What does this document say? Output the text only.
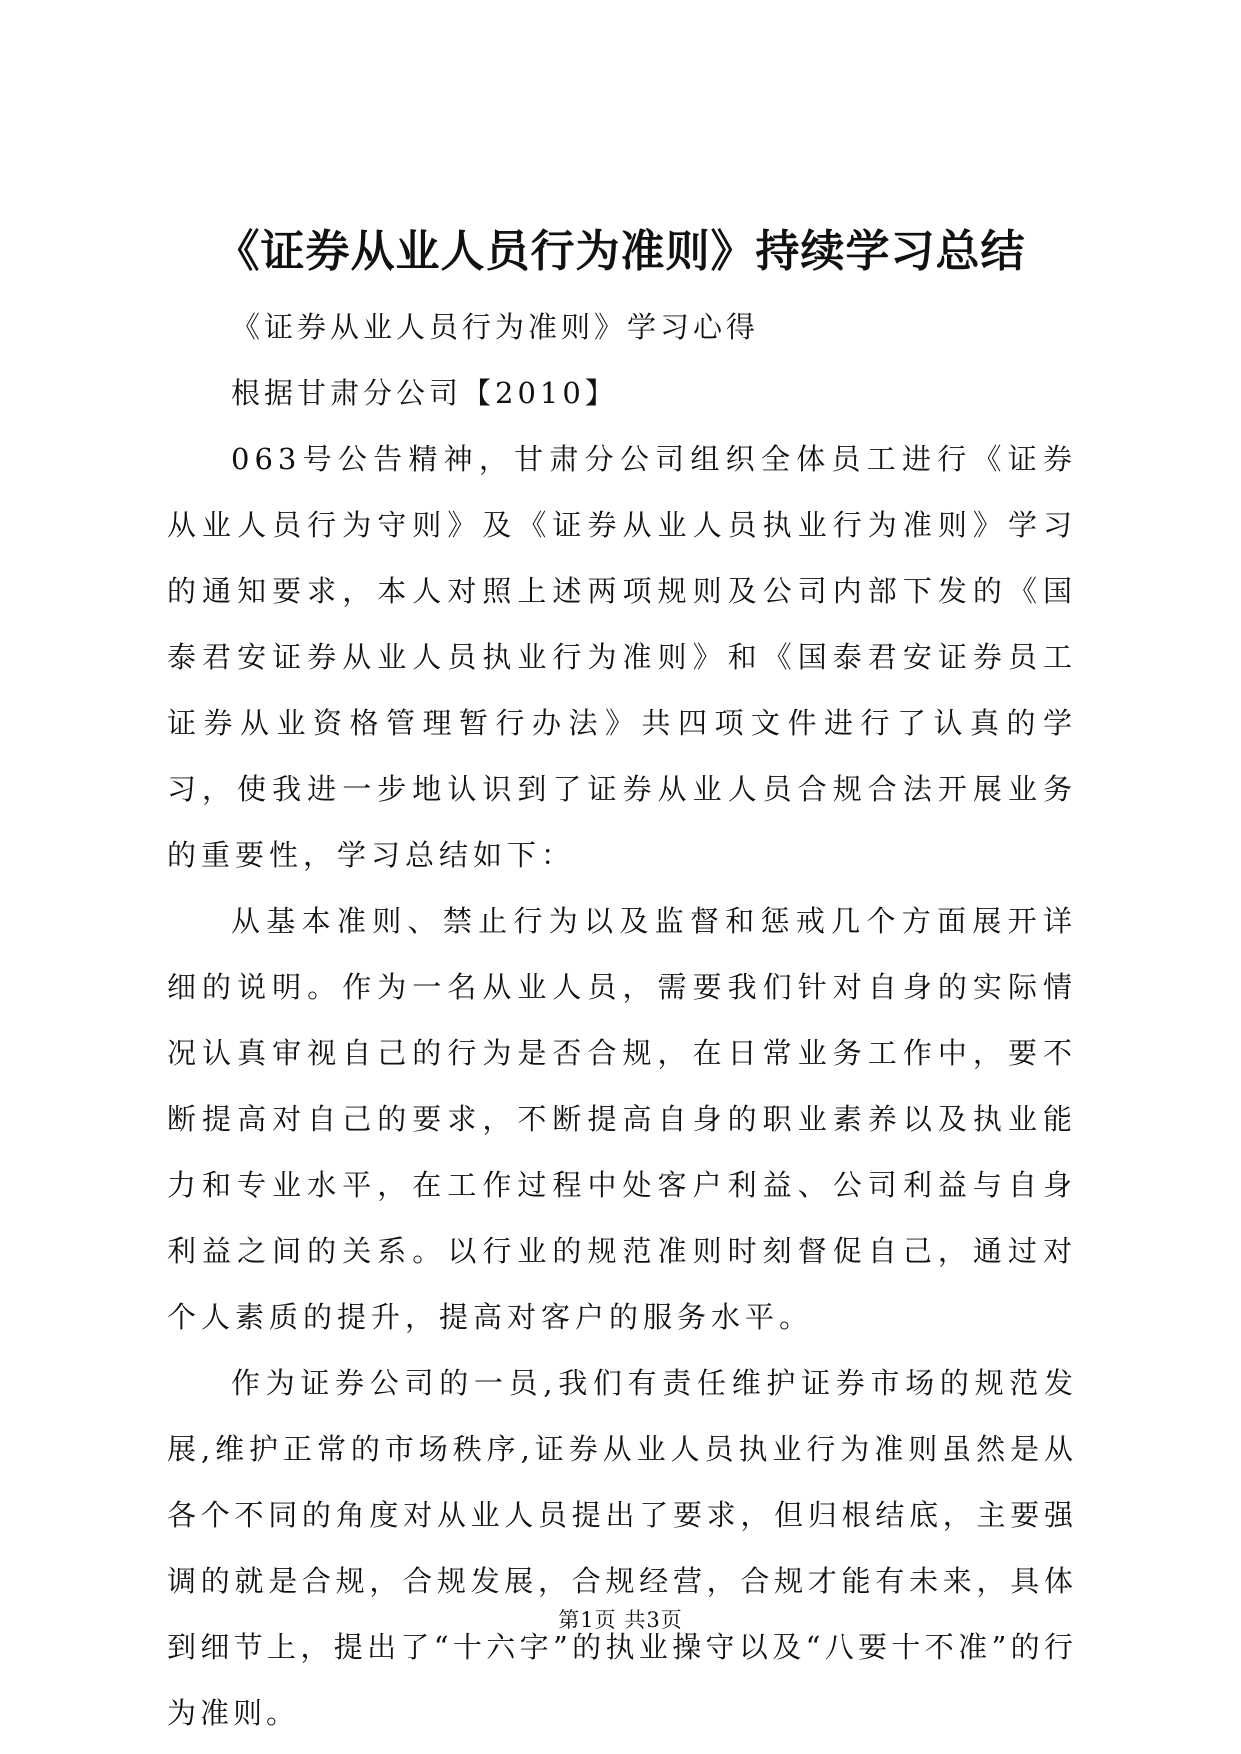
《证券从业人员行为准则》持续学习总结

《证券从业人员行为准则》学习心得

根据甘肃分公司【2010】

063号公告精神，甘肃分公司组织全体员工进行《证券从业人员行为守则》及《证券从业人员执业行为准则》学习的通知要求，本人对照上述两项规则及公司内部下发的《国泰君安证券从业人员执业行为准则》和《国泰君安证券员工证券从业资格管理暂行办法》共四项文件进行了认真的学习，使我进一步地认识到了证券从业人员合规合法开展业务的重要性，学习总结如下：

从基本准则、禁止行为以及监督和惩戒几个方面展开详细的说明。作为一名从业人员，需要我们针对自身的实际情况认真审视自己的行为是否合规，在日常业务工作中，要不断提高对自己的要求，不断提高自身的职业素养以及执业能力和专业水平，在工作过程中处客户利益、公司利益与自身利益之间的关系。以行业的规范准则时刻督促自己，通过对个人素质的提升，提高对客户的服务水平。

作为证券公司的一员,我们有责任维护证券市场的规范发展,维护正常的市场秩序,证券从业人员执业行为准则虽然是从各个不同的角度对从业人员提出了要求，但归根结底，主要强调的就是合规，合规发展，合规经营，合规才能有未来，具体到细节上，提出了“十六字”的执业操守以及“八要十不准”的行为准则。

第1页 共3页
